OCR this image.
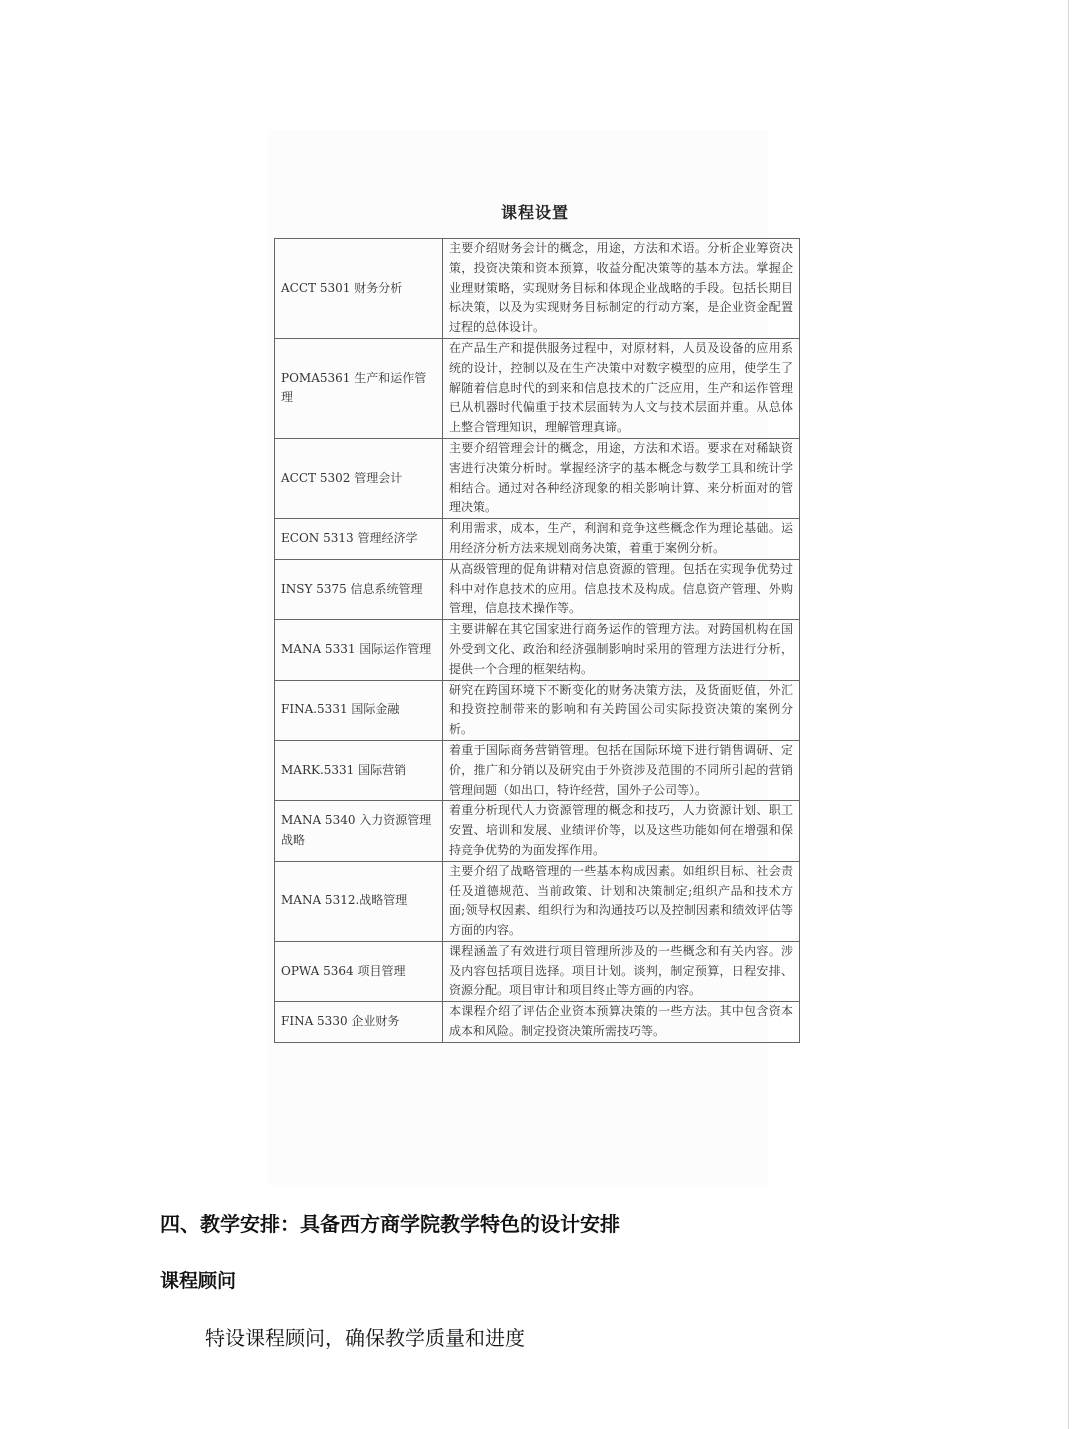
课程设置
ACCT 5301 财务分析	主要介绍财务会计的概念，用途，方法和术语。分析企业筹资决策，投资决策和资本预算，收益分配决策等的基本方法。掌握企业理财策略，实现财务目标和体现企业战略的手段。包括长期目标决策，以及为实现财务目标制定的行动方案，是企业资金配置过程的总体设计。
POMA5361 生产和运作管理	在产品生产和提供服务过程中，对原材料，人员及设备的应用系统的设计，控制以及在生产决策中对数字模型的应用，使学生了解随着信息时代的到来和信息技术的广泛应用，生产和运作管理已从机器时代偏重于技术层面转为人文与技术层面并重。从总体上整合管理知识，理解管理真谛。
ACCT 5302 管理会计	主要介绍管理会计的概念，用途，方法和术语。要求在对稀缺资害进行决策分析时。掌握经济字的基本概念与数学工具和统计学相结合。通过对各种经济现象的相关影响计算、来分析面对的管理决策。
ECON 5313 管理经济学	利用需求，成本，生产，利润和竞争这些概念作为理论基础。运用经济分析方法来规划商务决策，着重于案例分析。
INSY 5375 信息系统管理	从高级管理的促角讲精对信息资源的管理。包括在实现争优势过科中对作息技术的应用。信息技术及构成。信息资产管理、外购管理，信息技术操作等。
MANA 5331 国际运作管理	主要讲解在其它国家进行商务运作的管理方法。对跨国机构在国外受到文化、政治和经济强制影响时采用的管理方法进行分析，提供一个合理的框架结构。
FINA.5331 国际金融	研究在跨国环境下不断变化的财务决策方法，及货面贬值，外汇和投资控制带来的影响和有关跨国公司实际投资决策的案例分析。
MARK.5331 国际营销	着重于国际商务营销管理。包括在国际环境下进行销售调研、定价，推广和分销以及研究由于外资涉及范围的不同所引起的营销管理间题（如出口，特许经营，国外子公司等）。
MANA 5340 入力资源管理战略	着重分析现代人力资源管理的概念和技巧，人力资源计划、职工安置、培训和发展、业绩评价等，以及这些功能如何在增强和保持竞争优势的为面发挥作用。
MANA 5312.战略管理	主要介绍了战略管理的一些基本构成因素。如组织目标、社会责任及道德规范、当前政策、计划和决策制定;组织产品和技术方面;领导权因素、组织行为和沟通技巧以及控制因素和绩效评估等方面的内容。
OPWA 5364 项目管理	课程涵盖了有效进行项目管理所涉及的一些概念和有关内容。涉及内容包括项目选择。项目计划。谈判，制定预算，日程安排、资源分配。项目审计和项目终止等方画的内容。
FINA 5330 企业财务	本课程介绍了评估企业资本预算决策的一些方法。其中包含资本成本和风险。制定投资决策所需技巧等。
四、教学安排：具备西方商学院教学特色的设计安排
课程顾问
特设课程顾问，确保教学质量和进度
